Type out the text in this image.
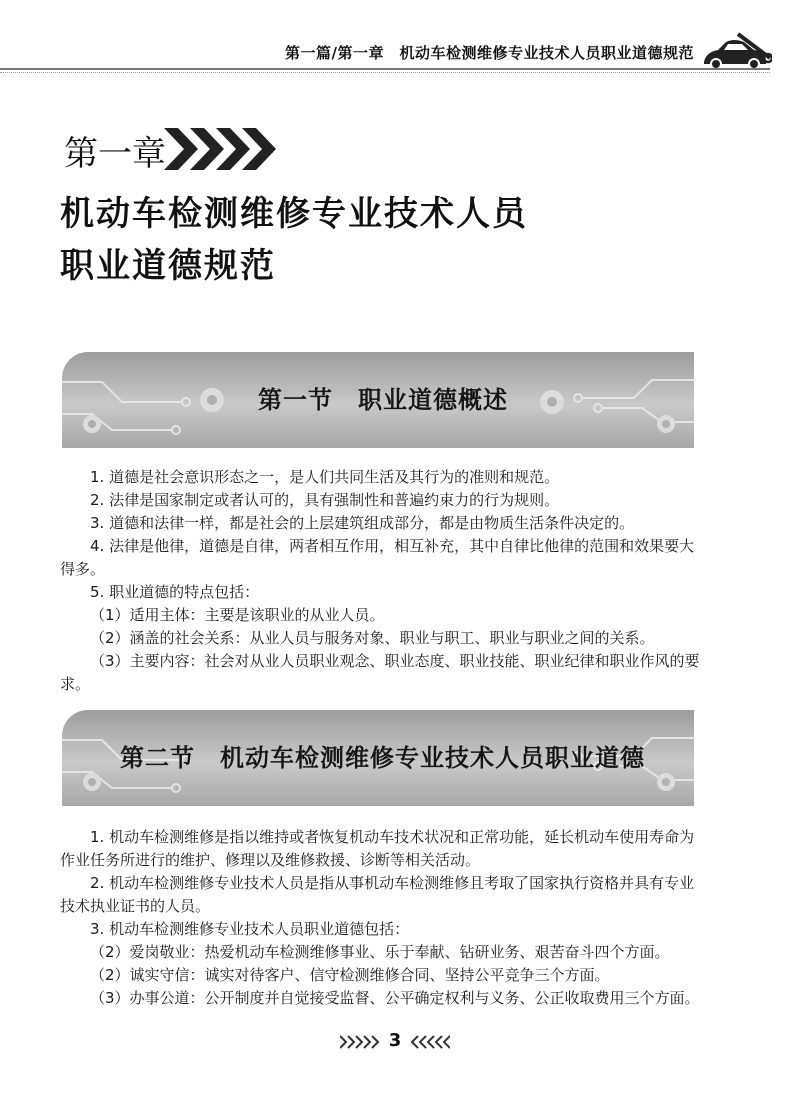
第一篇/第一章　机动车检测维修专业技术人员职业道德规范
第一章
机动车检测维修专业技术人员
职业道德规范
第一节　职业道德概述

1. 道德是社会意识形态之一，是人们共同生活及其行为的准则和规范。

2. 法律是国家制定或者认可的，具有强制性和普遍约束力的行为规则。

3. 道德和法律一样，都是社会的上层建筑组成部分，都是由物质生活条件决定的。

4. 法律是他律，道德是自律，两者相互作用，相互补充，其中自律比他律的范围和效果要大得多。

5. 职业道德的特点包括：

（1）适用主体：主要是该职业的从业人员。

（2）涵盖的社会关系：从业人员与服务对象、职业与职工、职业与职业之间的关系。

（3）主要内容：社会对从业人员职业观念、职业态度、职业技能、职业纪律和职业作风的要求。

第二节　机动车检测维修专业技术人员职业道德

1. 机动车检测维修是指以维持或者恢复机动车技术状况和正常功能，延长机动车使用寿命为作业任务所进行的维护、修理以及维修救援、诊断等相关活动。

2. 机动车检测维修专业技术人员是指从事机动车检测维修且考取了国家执行资格并具有专业技术执业证书的人员。

3. 机动车检测维修专业技术人员职业道德包括：

（2）爱岗敬业：热爱机动车检测维修事业、乐于奉献、钻研业务、艰苦奋斗四个方面。

（2）诚实守信：诚实对待客户、信守检测维修合同、坚持公平竞争三个方面。

（3）办事公道：公开制度并自觉接受监督、公平确定权利与义务、公正收取费用三个方面。

3
